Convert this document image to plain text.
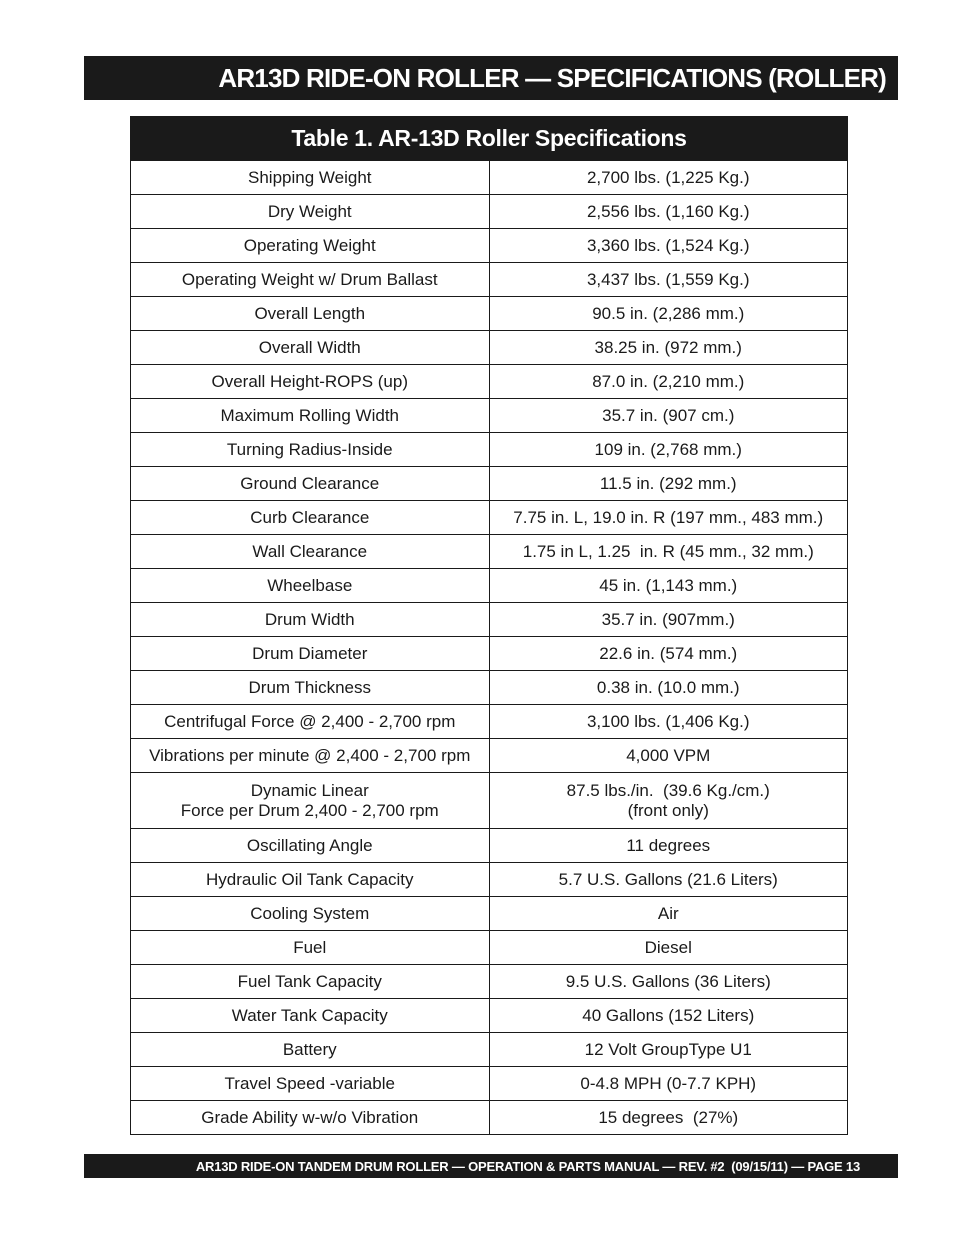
AR13D RIDE-ON ROLLER — SPECIFICATIONS (ROLLER)
Table 1. AR-13D Roller Specifications	
Shipping Weight	2,700 lbs. (1,225 Kg.)
Dry Weight	2,556 lbs. (1,160 Kg.)
Operating Weight	3,360 lbs. (1,524 Kg.)
Operating Weight w/ Drum Ballast	3,437 lbs. (1,559 Kg.)
Overall Length	90.5 in. (2,286 mm.)
Overall Width	38.25 in. (972 mm.)
Overall Height-ROPS (up)	87.0 in. (2,210 mm.)
Maximum Rolling Width	35.7 in. (907 cm.)
Turning Radius-Inside	109 in. (2,768 mm.)
Ground Clearance	11.5 in. (292 mm.)
Curb Clearance	7.75 in. L, 19.0 in. R (197 mm., 483 mm.)
Wall Clearance	1.75 in L, 1.25  in. R (45 mm., 32 mm.)
Wheelbase	45 in. (1,143 mm.)
Drum Width	35.7 in. (907mm.)
Drum Diameter	22.6 in. (574 mm.)
Drum Thickness	0.38 in. (10.0 mm.)
Centrifugal Force @ 2,400 - 2,700 rpm	3,100 lbs. (1,406 Kg.)
Vibrations per minute @ 2,400 - 2,700 rpm	4,000 VPM

Dynamic Linear
Force per Drum 2,400 - 2,700 rpm	87.5 lbs./in.  (39.6 Kg./cm.)
(front only)

Oscillating Angle	11 degrees
Hydraulic Oil Tank Capacity	5.7 U.S. Gallons (21.6 Liters)
Cooling System	Air
Fuel	Diesel
Fuel Tank Capacity	9.5 U.S. Gallons (36 Liters)
Water Tank Capacity	40 Gallons (152 Liters)
Battery	12 Volt GroupType U1
Travel Speed -variable	0-4.8 MPH (0-7.7 KPH)
Grade Ability w-w/o Vibration	15 degrees  (27%)
AR13D RIDE-ON TANDEM DRUM ROLLER — OPERATION & PARTS MANUAL — REV. #2  (09/15/11) — PAGE 13
